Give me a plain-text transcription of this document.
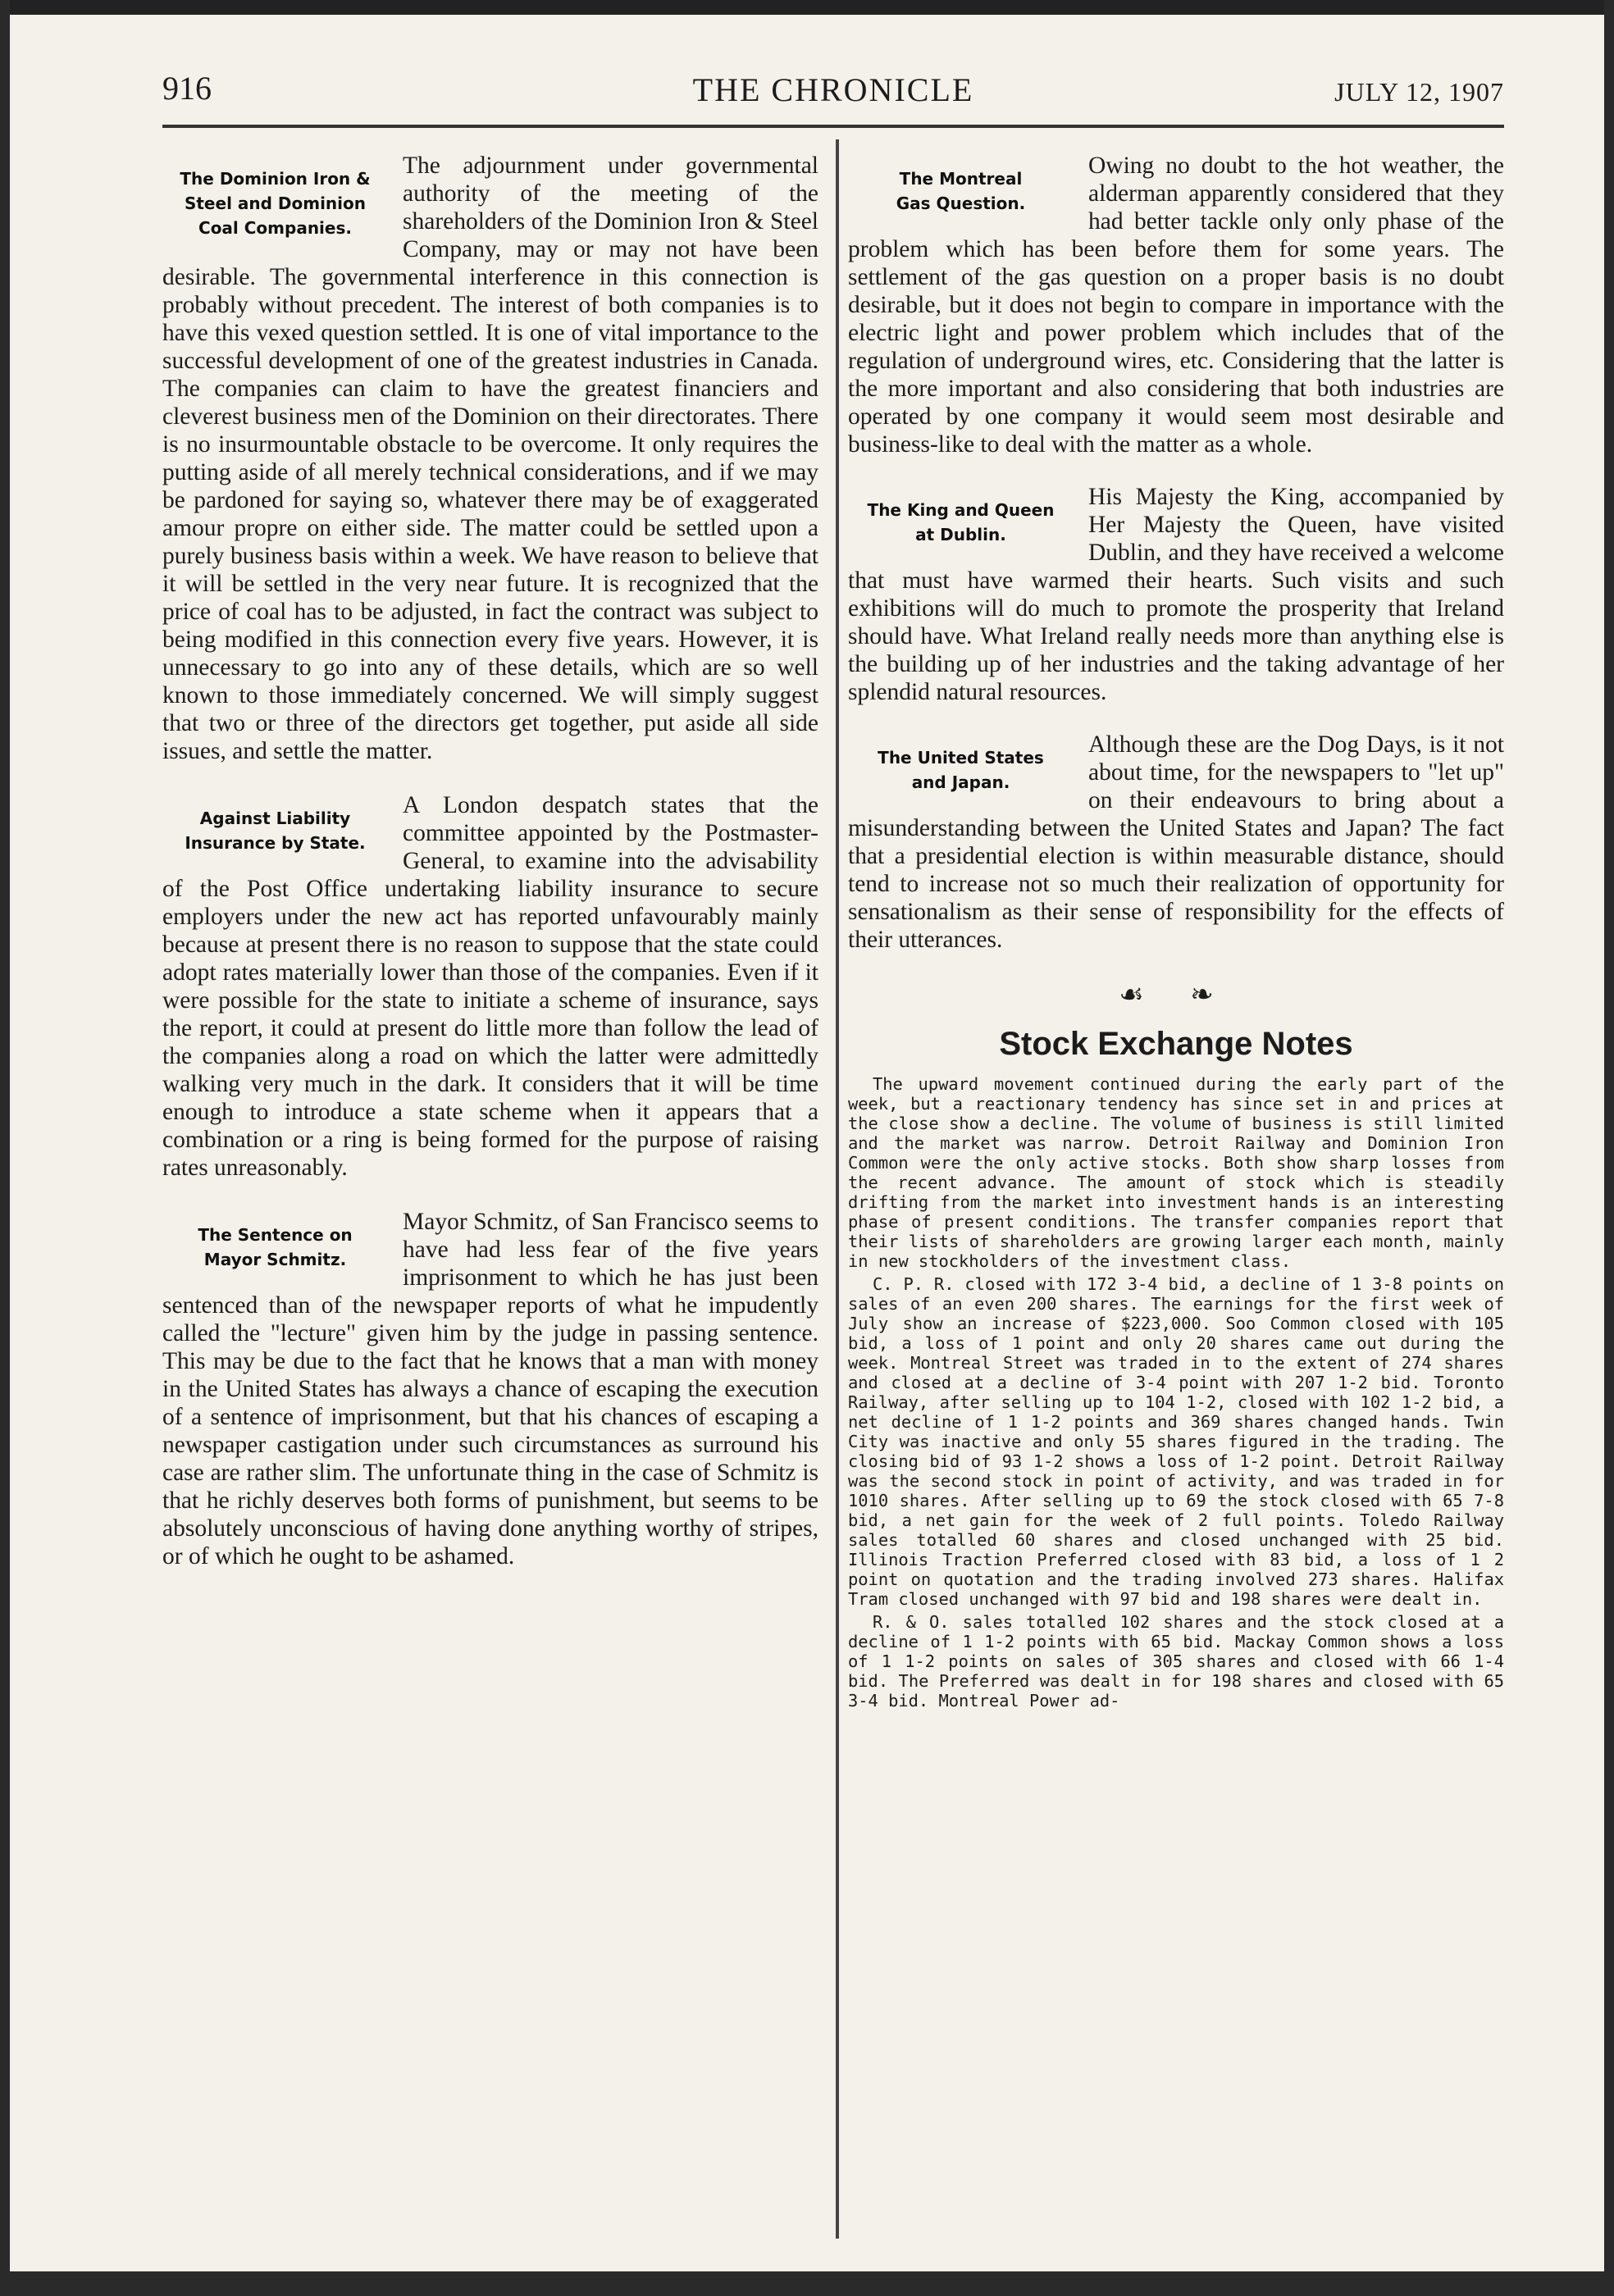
916	THE CHRONICLE	JULY 12, 1907
The Dominion Iron &
Steel and Dominion
Coal Companies.

The adjournment under governmental authority of the meeting of the shareholders of the Dominion Iron & Steel Company, may or may not have been desirable. The governmental interference in this connection is probably without precedent. The interest of both companies is to have this vexed question settled. It is one of vital importance to the successful development of one of the greatest industries in Canada. The companies can claim to have the greatest financiers and cleverest business men of the Dominion on their directorates. There is no insurmountable obstacle to be overcome. It only requires the putting aside of all merely technical considerations, and if we may be pardoned for saying so, whatever there may be of exaggerated amour propre on either side. The matter could be settled upon a purely business basis within a week. We have reason to believe that it will be settled in the very near future. It is recognized that the price of coal has to be adjusted, in fact the contract was subject to being modified in this connection every five years. However, it is unnecessary to go into any of these details, which are so well known to those immediately concerned. We will simply suggest that two or three of the directors get together, put aside all side issues, and settle the matter.

Against Liability
Insurance by State.

A London despatch states that the committee appointed by the Postmaster-General, to examine into the advisability of the Post Office undertaking liability insurance to secure employers under the new act has reported unfavourably mainly because at present there is no reason to suppose that the state could adopt rates materially lower than those of the companies. Even if it were possible for the state to initiate a scheme of insurance, says the report, it could at present do little more than follow the lead of the companies along a road on which the latter were admittedly walking very much in the dark. It considers that it will be time enough to introduce a state scheme when it appears that a combination or a ring is being formed for the purpose of raising rates unreasonably.

The Sentence on
Mayor Schmitz.

Mayor Schmitz, of San Francisco seems to have had less fear of the five years imprisonment to which he has just been sentenced than of the newspaper reports of what he impudently called the "lecture" given him by the judge in passing sentence. This may be due to the fact that he knows that a man with money in the United States has always a chance of escaping the execution of a sentence of imprisonment, but that his chances of escaping a newspaper castigation under such circumstances as surround his case are rather slim. The unfortunate thing in the case of Schmitz is that he richly deserves both forms of punishment, but seems to be absolutely unconscious of having done anything worthy of stripes, or of which he ought to be ashamed.

The Montreal
Gas Question.

Owing no doubt to the hot weather, the alderman apparently considered that they had better tackle only only phase of the problem which has been before them for some years. The settlement of the gas question on a proper basis is no doubt desirable, but it does not begin to compare in importance with the electric light and power problem which includes that of the regulation of underground wires, etc. Considering that the latter is the more important and also considering that both industries are operated by one company it would seem most desirable and business-like to deal with the matter as a whole.

The King and Queen
at Dublin.

His Majesty the King, accompanied by Her Majesty the Queen, have visited Dublin, and they have received a welcome that must have warmed their hearts. Such visits and such exhibitions will do much to promote the prosperity that Ireland should have. What Ireland really needs more than anything else is the building up of her industries and the taking advantage of her splendid natural resources.

The United States
and Japan.

Although these are the Dog Days, is it not about time, for the newspapers to "let up" on their endeavours to bring about a misunderstanding between the United States and Japan? The fact that a presidential election is within measurable distance, should tend to increase not so much their realization of opportunity for sensationalism as their sense of responsibility for the effects of their utterances.

☙ ❧
Stock Exchange Notes

The upward movement continued during the early part of the week, but a reactionary tendency has since set in and prices at the close show a decline. The volume of business is still limited and the market was narrow. Detroit Railway and Dominion Iron Common were the only active stocks. Both show sharp losses from the recent advance. The amount of stock which is steadily drifting from the market into investment hands is an interesting phase of present conditions. The transfer companies report that their lists of shareholders are growing larger each month, mainly in new stockholders of the investment class.

C. P. R. closed with 172 3-4 bid, a decline of 1 3-8 points on sales of an even 200 shares. The earnings for the first week of July show an increase of $223,000. Soo Common closed with 105 bid, a loss of 1 point and only 20 shares came out during the week. Montreal Street was traded in to the extent of 274 shares and closed at a decline of 3-4 point with 207 1-2 bid. Toronto Railway, after selling up to 104 1-2, closed with 102 1-2 bid, a net decline of 1 1-2 points and 369 shares changed hands. Twin City was inactive and only 55 shares figured in the trading. The closing bid of 93 1-2 shows a loss of 1-2 point. Detroit Railway was the second stock in point of activity, and was traded in for 1010 shares. After selling up to 69 the stock closed with 65 7-8 bid, a net gain for the week of 2 full points. Toledo Railway sales totalled 60 shares and closed unchanged with 25 bid. Illinois Traction Preferred closed with 83 bid, a loss of 1 2 point on quotation and the trading involved 273 shares. Halifax Tram closed unchanged with 97 bid and 198 shares were dealt in.

R. & O. sales totalled 102 shares and the stock closed at a decline of 1 1-2 points with 65 bid. Mackay Common shows a loss of 1 1-2 points on sales of 305 shares and closed with 66 1-4 bid. The Preferred was dealt in for 198 shares and closed with 65 3-4 bid. Montreal Power ad-
